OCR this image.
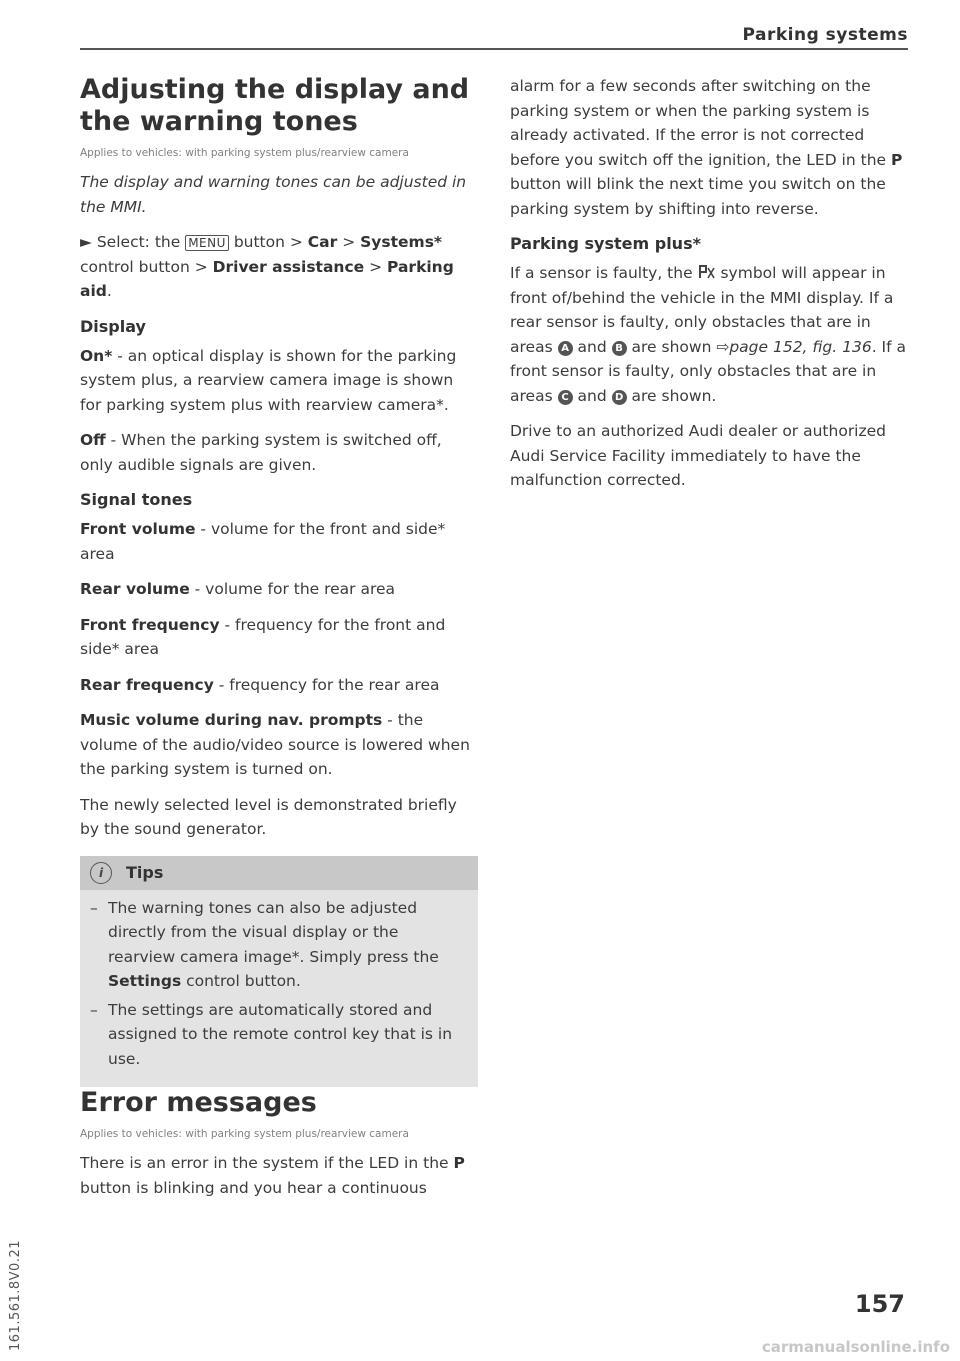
Parking systems
Adjusting the display and the warning tones
Applies to vehicles: with parking system plus/rearview camera

The display and warning tones can be adjusted in the MMI.

► Select: the MENU button > Car > Systems* control button > Driver assistance > Parking aid.

Display

On* - an optical display is shown for the parking system plus, a rearview camera image is shown for parking system plus with rearview camera*.

Off - When the parking system is switched off, only audible signals are given.

Signal tones

Front volume - volume for the front and side* area

Rear volume - volume for the rear area

Front frequency - frequency for the front and side* area

Rear frequency - frequency for the rear area

Music volume during nav. prompts - the volume of the audio/video source is lowered when the parking system is turned on.

The newly selected level is demonstrated briefly by the sound generator.

i	Tips
– The warning tones can also be adjusted directly from the visual display or the rearview camera image*. Simply press the Settings control button.
– The settings are automatically stored and assigned to the remote control key that is in use.
Error messages
Applies to vehicles: with parking system plus/rearview camera

There is an error in the system if the LED in the P button is blinking and you hear a continuous

alarm for a few seconds after switching on the parking system or when the parking system is already activated. If the error is not corrected before you switch off the ignition, the LED in the P button will blink the next time you switch on the parking system by shifting into reverse.

Parking system plus*

If a sensor is faulty, the  symbol will appear in front of/behind the vehicle in the MMI display. If a rear sensor is faulty, only obstacles that are in areas A and B are shown ⇨page 152, fig. 136. If a front sensor is faulty, only obstacles that are in areas C and D are shown.

Drive to an authorized Audi dealer or authorized Audi Service Facility immediately to have the malfunction corrected.

161.561.8V0.21	157
carmanualsonline.info
